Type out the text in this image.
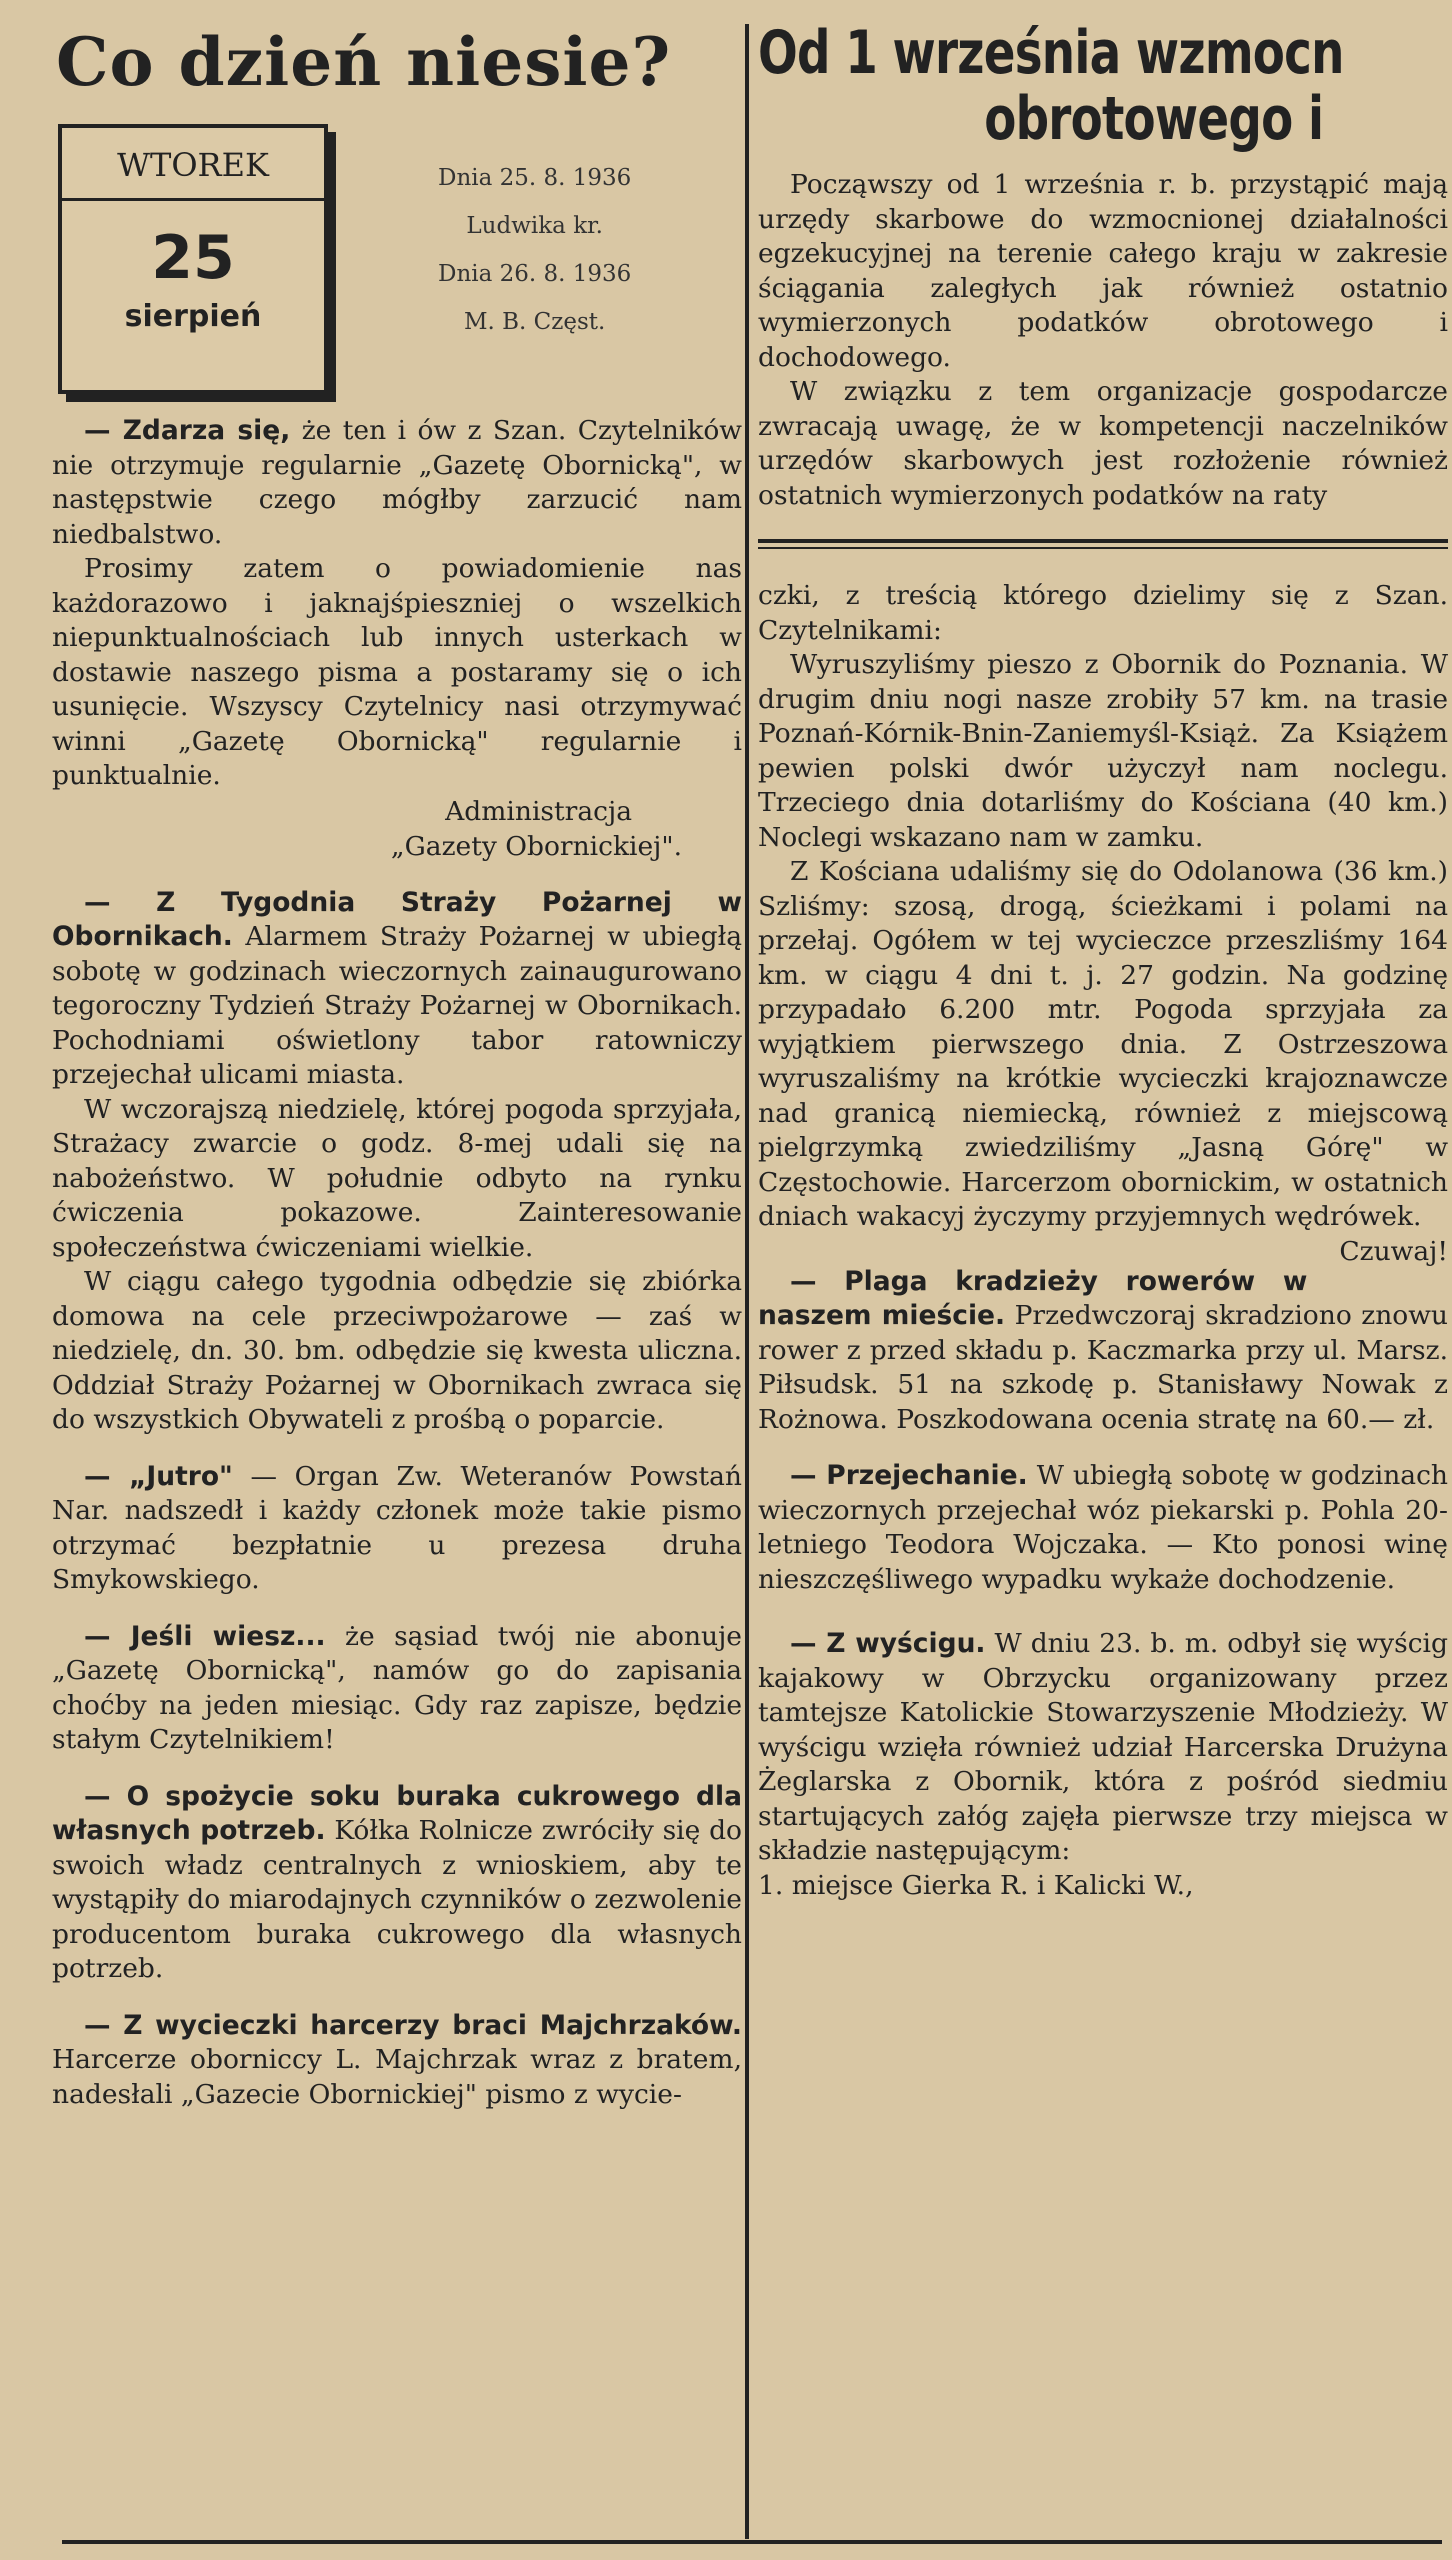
Co dzień niesie?
WTOREK
25
sierpień
Dnia 25. 8. 1936
Ludwika kr.
Dnia 26. 8. 1936
M. B. Częst.

— Zdarza się, że ten i ów z Szan. Czytelników nie otrzymuje regularnie „Gazetę Obornicką", w następstwie czego mógłby zarzucić nam niedbalstwo.

Prosimy zatem o powiadomienie nas każdorazowo i jaknajśpieszniej o wszelkich niepunktualnościach lub innych usterkach w dostawie naszego pisma a postaramy się o ich usunięcie. Wszyscy Czytelnicy nasi otrzymywać winni „Gazetę Obornicką" regularnie i punktualnie.

Administracja

„Gazety Obornickiej".

— Z Tygodnia Straży Pożarnej w Obornikach. Alarmem Straży Pożarnej w ubiegłą sobotę w godzinach wieczornych zainaugurowano tegoroczny Tydzień Straży Pożarnej w Obornikach. Pochodniami oświetlony tabor ratowniczy przejechał ulicami miasta.

W wczorajszą niedzielę, której pogoda sprzyjała, Strażacy zwarcie o godz. 8-mej udali się na nabożeństwo. W południe odbyto na rynku ćwiczenia pokazowe. Zainteresowanie społeczeństwa ćwiczeniami wielkie.

W ciągu całego tygodnia odbędzie się zbiórka domowa na cele przeciwpożarowe — zaś w niedzielę, dn. 30. bm. odbędzie się kwesta uliczna. Oddział Straży Pożarnej w Obornikach zwraca się do wszystkich Obywateli z prośbą o poparcie.

— „Jutro" — Organ Zw. Weteranów Powstań Nar. nadszedł i każdy członek może takie pismo otrzymać bezpłatnie u prezesa druha Smykowskiego.

— Jeśli wiesz... że sąsiad twój nie abonuje „Gazetę Obornicką", namów go do zapisania choćby na jeden miesiąc. Gdy raz zapisze, będzie stałym Czytelnikiem!

— O spożycie soku buraka cukrowego dla własnych potrzeb. Kółka Rolnicze zwróciły się do swoich władz centralnych z wnioskiem, aby te wystąpiły do miarodajnych czynników o zezwolenie producentom buraka cukrowego dla własnych potrzeb.

— Z wycieczki harcerzy braci Majchrzaków. Harcerze oborniccy L. Majchrzak wraz z bratem, nadesłali „Gazecie Obornickiej" pismo z wycie-

Od 1 września wzmocn
obrotowego i

Począwszy od 1 września r. b. przystąpić mają urzędy skarbowe do wzmocnionej działalności egzekucyjnej na terenie całego kraju w zakresie ściągania zaległych jak również ostatnio wymierzonych podatków obrotowego i dochodowego.

W związku z tem organizacje gospodarcze zwracają uwagę, że w kompetencji naczelników urzędów skarbowych jest rozłożenie również ostatnich wymierzonych podatków na raty

czki, z treścią którego dzielimy się z Szan. Czytelnikami:

Wyruszyliśmy pieszo z Obornik do Poznania. W drugim dniu nogi nasze zrobiły 57 km. na trasie Poznań-Kórnik-Bnin-Zaniemyśl-Książ. Za Książem pewien polski dwór użyczył nam noclegu. Trzeciego dnia dotarliśmy do Kościana (40 km.) Noclegi wskazano nam w zamku.

Z Kościana udaliśmy się do Odolanowa (36 km.) Szliśmy: szosą, drogą, ścieżkami i polami na przełaj. Ogółem w tej wycieczce przeszliśmy 164 km. w ciągu 4 dni t. j. 27 godzin. Na godzinę przypadało 6.200 mtr. Pogoda sprzyjała za wyjątkiem pierwszego dnia. Z Ostrzeszowa wyruszaliśmy na krótkie wycieczki krajoznawcze nad granicą niemiecką, również z miejscową pielgrzymką zwiedziliśmy „Jasną Górę" w Częstochowie. Harcerzom obornickim, w ostatnich dniach wakacyj życzymy przyjemnych wędrówek.
Czuwaj!

— Plaga kradzieży rowerów w naszem mieście. Przedwczoraj skradziono znowu rower z przed składu p. Kaczmarka przy ul. Marsz. Piłsudsk. 51 na szkodę p. Stanisławy Nowak z Rożnowa. Poszkodowana ocenia stratę na 60.— zł.

— Przejechanie. W ubiegłą sobotę w godzinach wieczornych przejechał wóz piekarski p. Pohla 20-letniego Teodora Wojczaka. — Kto ponosi winę nieszczęśliwego wypadku wykaże dochodzenie.

— Z wyścigu. W dniu 23. b. m. odbył się wyścig kajakowy w Obrzycku organizowany przez tamtejsze Katolickie Stowarzyszenie Młodzieży. W wyścigu wzięła również udział Harcerska Drużyna Żeglarska z Obornik, która z pośród siedmiu startujących załóg zajęła pierwsze trzy miejsca w składzie następującym:

1. miejsce Gierka R. i Kalicki W.,
